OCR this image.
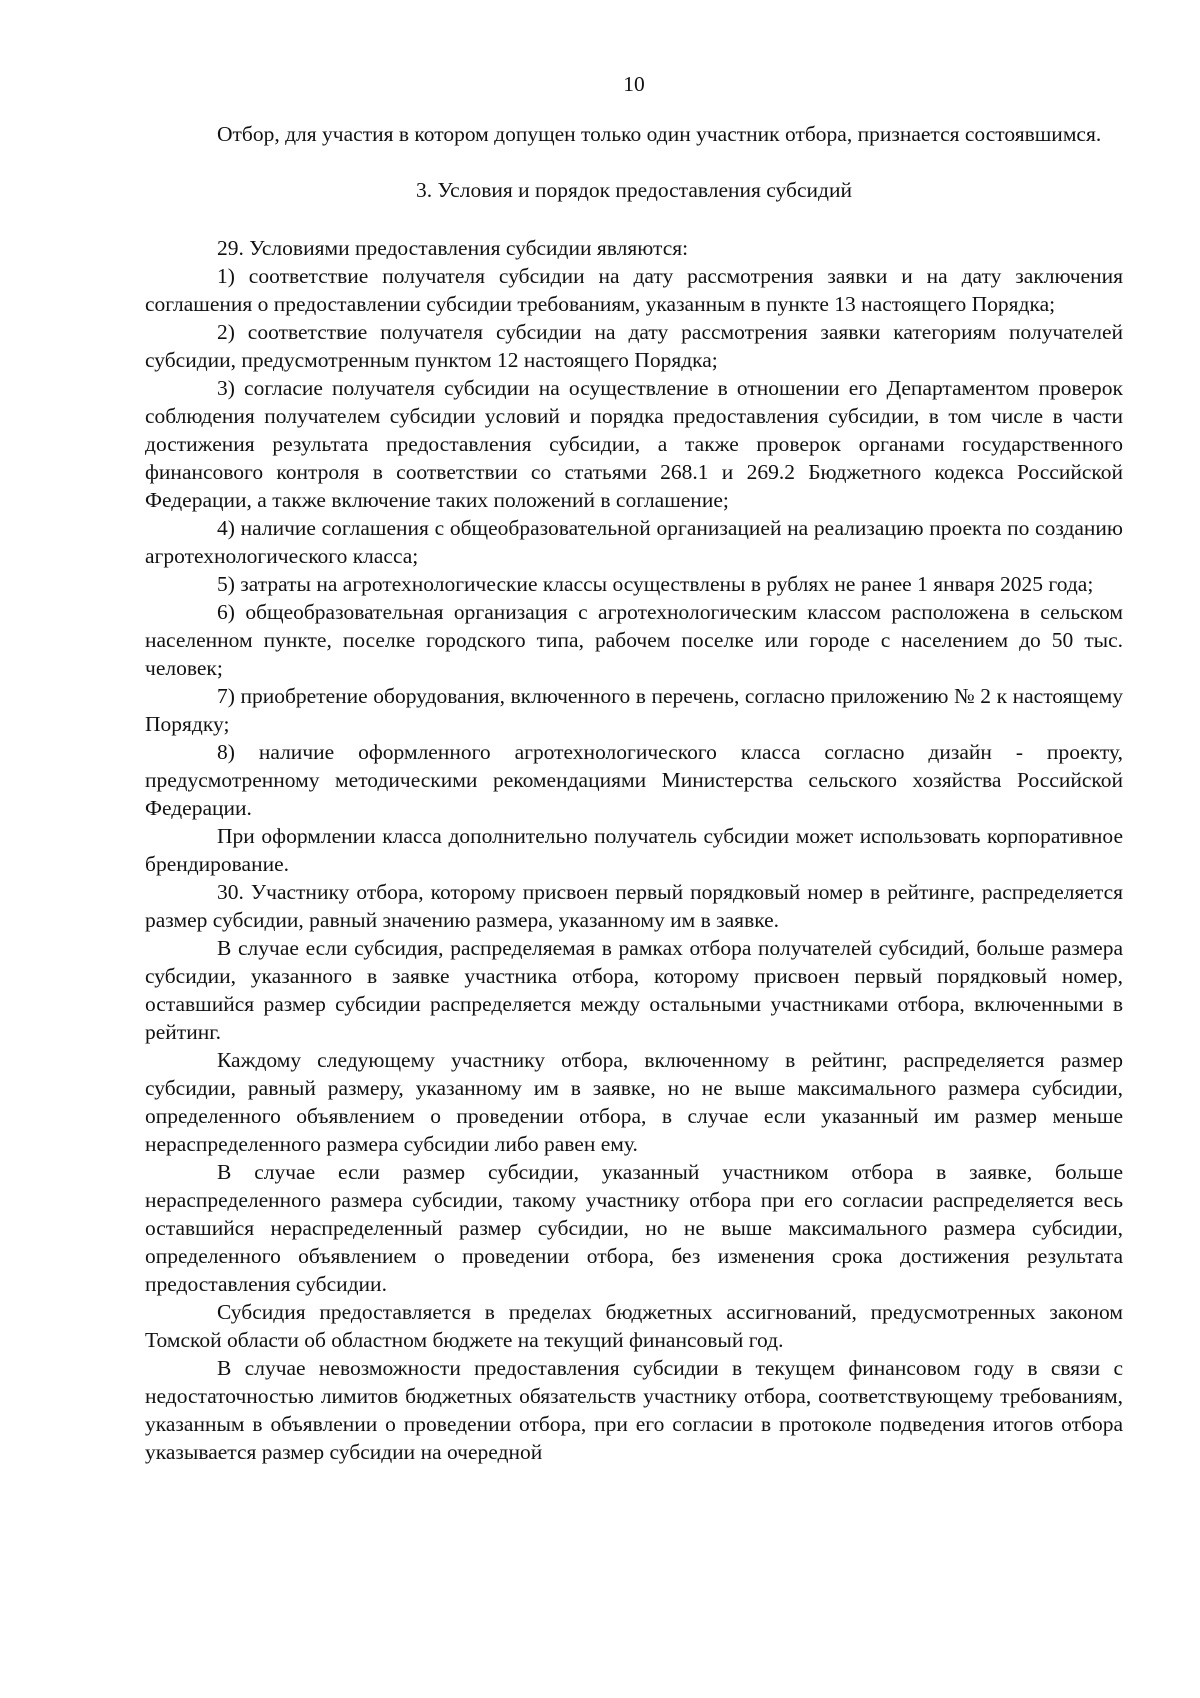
10

Отбор, для участия в котором допущен только один участник отбора, признается состоявшимся.

3. Условия и порядок предоставления субсидий

29. Условиями предоставления субсидии являются:

1) соответствие получателя субсидии на дату рассмотрения заявки и на дату заключения соглашения о предоставлении субсидии требованиям, указанным в пункте 13 настоящего Порядка;

2) соответствие получателя субсидии на дату рассмотрения заявки категориям получателей субсидии, предусмотренным пунктом 12 настоящего Порядка;

3) согласие получателя субсидии на осуществление в отношении его Департаментом проверок соблюдения получателем субсидии условий и порядка предоставления субсидии, в том числе в части достижения результата предоставления субсидии, а также проверок органами государственного финансового контроля в соответствии со статьями 268.1 и 269.2 Бюджетного кодекса Российской Федерации, а также включение таких положений в соглашение;

4) наличие соглашения с общеобразовательной организацией на реализацию проекта по созданию агротехнологического класса;

5) затраты на агротехнологические классы осуществлены в рублях не ранее 1 января 2025 года;

6) общеобразовательная организация с агротехнологическим классом расположена в сельском населенном пункте, поселке городского типа, рабочем поселке или городе с населением до 50 тыс. человек;

7) приобретение оборудования, включенного в перечень, согласно приложению № 2 к настоящему Порядку;

8) наличие оформленного агротехнологического класса согласно дизайн - проекту, предусмотренному методическими рекомендациями Министерства сельского хозяйства Российской Федерации.

При оформлении класса дополнительно получатель субсидии может использовать корпоративное брендирование.

30. Участнику отбора, которому присвоен первый порядковый номер в рейтинге, распределяется размер субсидии, равный значению размера, указанному им в заявке.

В случае если субсидия, распределяемая в рамках отбора получателей субсидий, больше размера субсидии, указанного в заявке участника отбора, которому присвоен первый порядковый номер, оставшийся размер субсидии распределяется между остальными участниками отбора, включенными в рейтинг.

Каждому следующему участнику отбора, включенному в рейтинг, распределяется размер субсидии, равный размеру, указанному им в заявке, но не выше максимального размера субсидии, определенного объявлением о проведении отбора, в случае если указанный им размер меньше нераспределенного размера субсидии либо равен ему.

В случае если размер субсидии, указанный участником отбора в заявке, больше нераспределенного размера субсидии, такому участнику отбора при его согласии распределяется весь оставшийся нераспределенный размер субсидии, но не выше максимального размера субсидии, определенного объявлением о проведении отбора, без изменения срока достижения результата предоставления субсидии.

Субсидия предоставляется в пределах бюджетных ассигнований, предусмотренных законом Томской области об областном бюджете на текущий финансовый год.

В случае невозможности предоставления субсидии в текущем финансовом году в связи с недостаточностью лимитов бюджетных обязательств участнику отбора, соответствующему требованиям, указанным в объявлении о проведении отбора, при его согласии в протоколе подведения итогов отбора указывается размер субсидии на очередной
